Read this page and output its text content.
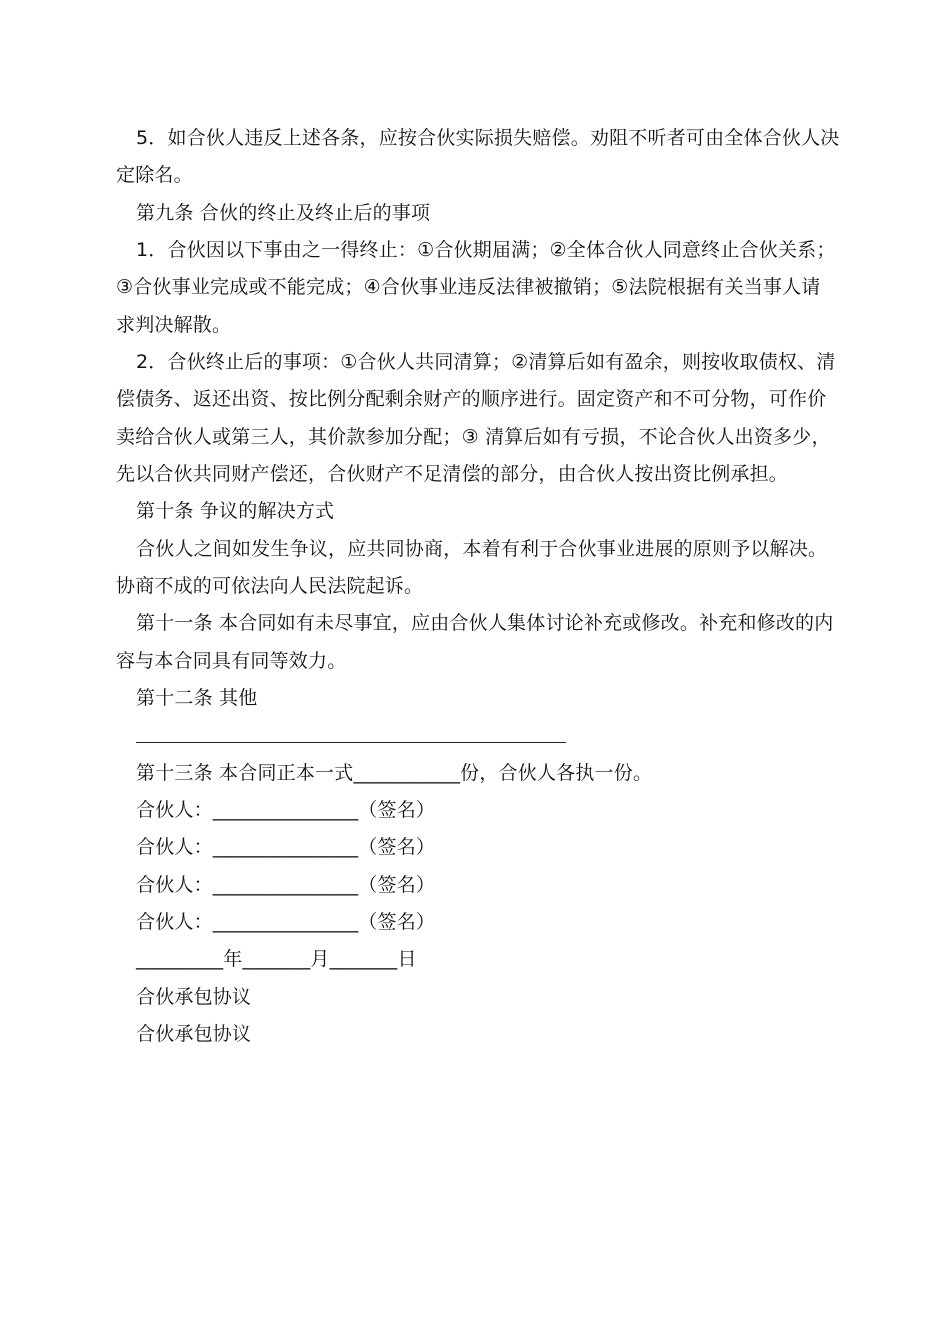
5．如合伙人违反上述各条，应按合伙实际损失赔偿。劝阻不听者可由全体合伙人决
定除名。
第九条 合伙的终止及终止后的事项
1．合伙因以下事由之一得终止：①合伙期届满；②全体合伙人同意终止合伙关系；
③合伙事业完成或不能完成；④合伙事业违反法律被撤销；⑤法院根据有关当事人请
求判决解散。
2．合伙终止后的事项：①合伙人共同清算；②清算后如有盈余，则按收取债权、清
偿债务、返还出资、按比例分配剩余财产的顺序进行。固定资产和不可分物，可作价
卖给合伙人或第三人，其价款参加分配；③ 清算后如有亏损，不论合伙人出资多少，
先以合伙共同财产偿还，合伙财产不足清偿的部分，由合伙人按出资比例承担。
第十条 争议的解决方式
合伙人之间如发生争议，应共同协商，本着有利于合伙事业进展的原则予以解决。
协商不成的可依法向人民法院起诉。
第十一条 本合同如有未尽事宜，应由合伙人集体讨论补充或修改。补充和修改的内
容与本合同具有同等效力。
第十二条 其他
第十三条 本合同正本一式___________份，合伙人各执一份。
合伙人：_______________（签名）
合伙人：_______________（签名）
合伙人：_______________（签名）
合伙人：_______________（签名）
_________年_______月_______日
合伙承包协议
合伙承包协议
